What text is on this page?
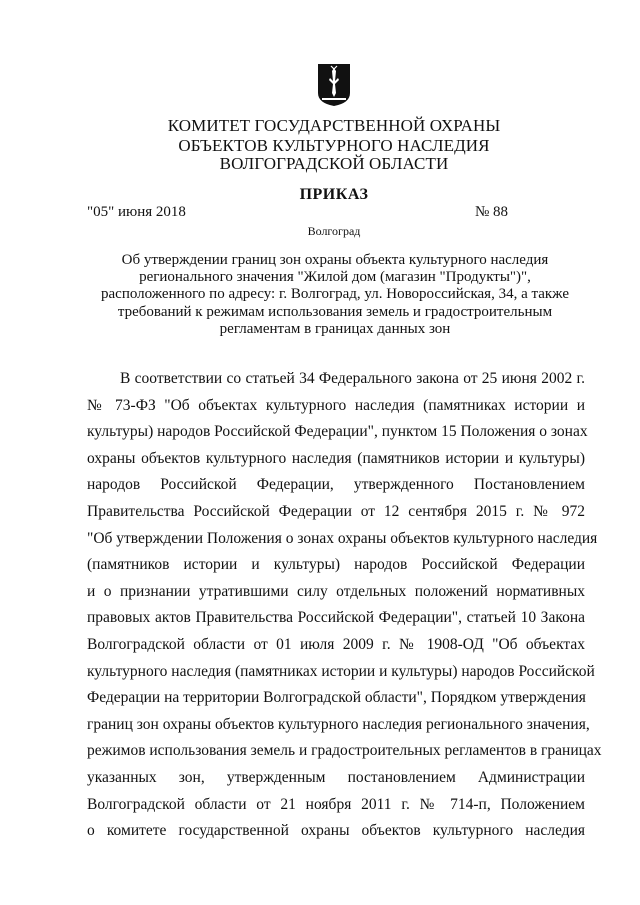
КОМИТЕТ ГОСУДАРСТВЕННОЙ ОХРАНЫ
ОБЪЕКТОВ КУЛЬТУРНОГО НАСЛЕДИЯ
ВОЛГОГРАДСКОЙ ОБЛАСТИ
ПРИКАЗ
"05" июня 2018	№ 88
Волгоград
Об утверждении границ зон охраны объекта культурного наследия
регионального значения "Жилой дом (магазин "Продукты")",
расположенного по адресу: г. Волгоград, ул. Новороссийская, 34, а также
требований к режимам использования земель и градостроительным
регламентам в границах данных зон
В соответствии со статьей 34 Федерального закона от 25 июня 2002 г.
№ 73-ФЗ "Об объектах культурного наследия (памятниках истории и
культуры) народов Российской Федерации", пунктом 15 Положения о зонах
охраны объектов культурного наследия (памятников истории и культуры)
народов Российской Федерации, утвержденного Постановлением
Правительства Российской Федерации от 12 сентября 2015 г. № 972
"Об утверждении Положения о зонах охраны объектов культурного наследия
(памятников истории и культуры) народов Российской Федерации
и о признании утратившими силу отдельных положений нормативных
правовых актов Правительства Российской Федерации", статьей 10 Закона
Волгоградской области от 01 июля 2009 г. № 1908-ОД "Об объектах
культурного наследия (памятниках истории и культуры) народов Российской
Федерации на территории Волгоградской области", Порядком утверждения
границ зон охраны объектов культурного наследия регионального значения,
режимов использования земель и градостроительных регламентов в границах
указанных зон, утвержденным постановлением Администрации
Волгоградской области от 21 ноября 2011 г. № 714-п, Положением
о комитете государственной охраны объектов культурного наследия
